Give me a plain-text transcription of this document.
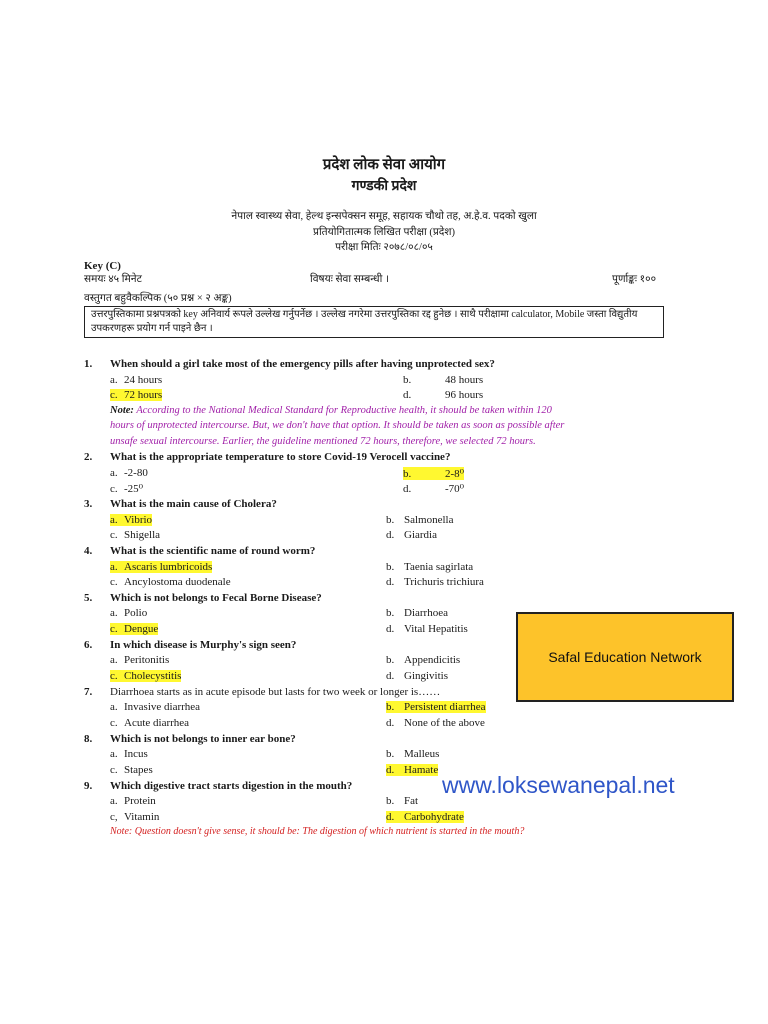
प्रदेश लोक सेवा आयोग
गण्डकी प्रदेश
नेपाल स्वास्थ्य सेवा, हेल्थ इन्सपेक्सन समूह, सहायक चौथो तह, अ.हे.व. पदको खुला
प्रतियोगितात्मक लिखित परीक्षा (प्रदेश)
परीक्षा मितिः २०७८/०८/०५
Key (C)
समयः ४५ मिनेट	विषयः सेवा सम्बन्धी ।	पूर्णाङ्कः १००
वस्तुगत बहुवैकल्पिक (५० प्रश्न × २ अङ्क)
उत्तरपुस्तिकामा प्रश्नपत्रको key अनिवार्य रूपले उल्लेख गर्नुपर्नेछ । उल्लेख नगरेमा उत्तरपुस्तिका रद्द हुनेछ । साथै परीक्षामा calculator, Mobile जस्ता विद्युतीय उपकरणहरू प्रयोग गर्न पाइने छैन ।
1. When should a girl take most of the emergency pills after having unprotected sex?
a. 24 hours	b.	48 hours
c. 72 hours	d.	96 hours
Note: According to the National Medical Standard for Reproductive health, it should be taken within 120
hours of unprotected intercourse. But, we don't have that option. It should be taken as soon as possible after
unsafe sexual intercourse. Earlier, the guideline mentioned 72 hours, therefore, we selected 72 hours.
2. What is the appropriate temperature to store Covid-19 Verocell vaccine?
a. -2-80	b.	2-8⁰
c. -25⁰	d.	-70⁰
3. What is the main cause of Cholera?
a. Vibrio	b. Salmonella
c. Shigella	d. Giardia
4. What is the scientific name of round worm?
a. Ascaris lumbricoids	b. Taenia sagirlata
c. Ancylostoma duodenale	d. Trichuris trichiura
5. Which is not belongs to Fecal Borne Disease?
a. Polio	b. Diarrhoea
c. Dengue	d. Vital Hepatitis
6. In which disease is Murphy's sign seen?
a. Peritonitis	b. Appendicitis
c. Cholecystitis	d. Gingivitis
7. Diarrhoea starts as in acute episode but lasts for two week or longer is……
a. Invasive diarrhea	b. Persistent diarrhea
c. Acute diarrhea	d. None of the above
8. Which is not belongs to inner ear bone?
a. Incus	b. Malleus
c. Stapes	d. Hamate
9. Which digestive tract starts digestion in the mouth?
a. Protein	b. Fat
c, Vitamin	d. Carbohydrate
Note: Question doesn't give sense, it should be: The digestion of which nutrient is started in the mouth?
Safal Education Network
www.loksewanepal.net
